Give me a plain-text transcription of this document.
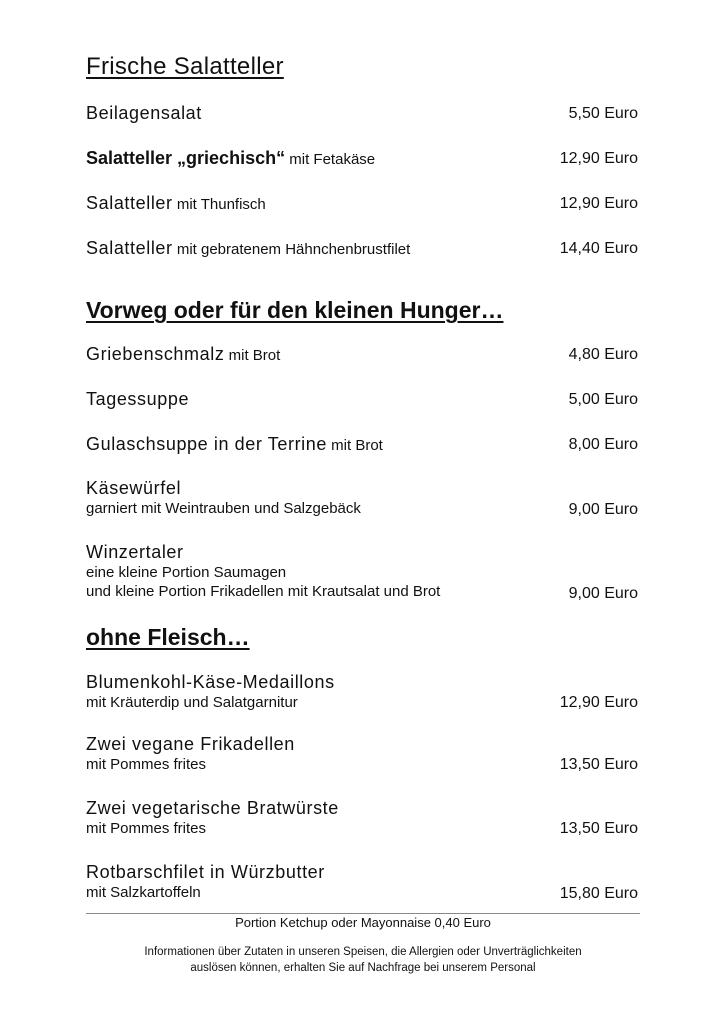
Frische Salatteller
Beilagensalat	5,50 Euro
Salatteller „griechisch“ mit Fetakäse	12,90 Euro
Salatteller mit Thunfisch	12,90 Euro
Salatteller mit gebratenem Hähnchenbrustfilet	14,40 Euro
Vorweg oder für den kleinen Hunger…
Griebenschmalz mit Brot	4,80 Euro
Tagessuppe	5,00 Euro
Gulaschsuppe in der Terrine mit Brot	8,00 Euro
Käsewürfel
garniert mit Weintrauben und Salzgebäck	9,00 Euro
Winzertaler
eine kleine Portion Saumagen
und kleine Portion Frikadellen mit Krautsalat und Brot	9,00 Euro
ohne Fleisch…
Blumenkohl-Käse-Medaillons
mit Kräuterdip und Salatgarnitur	12,90 Euro
Zwei vegane Frikadellen
mit Pommes frites	13,50 Euro
Zwei vegetarische Bratwürste
mit Pommes frites	13,50 Euro
Rotbarschfilet in Würzbutter
mit Salzkartoffeln	15,80 Euro
Portion Ketchup oder Mayonnaise 0,40 Euro
Informationen über Zutaten in unseren Speisen, die Allergien oder Unverträglichkeiten
auslösen können, erhalten Sie auf Nachfrage bei unserem Personal
